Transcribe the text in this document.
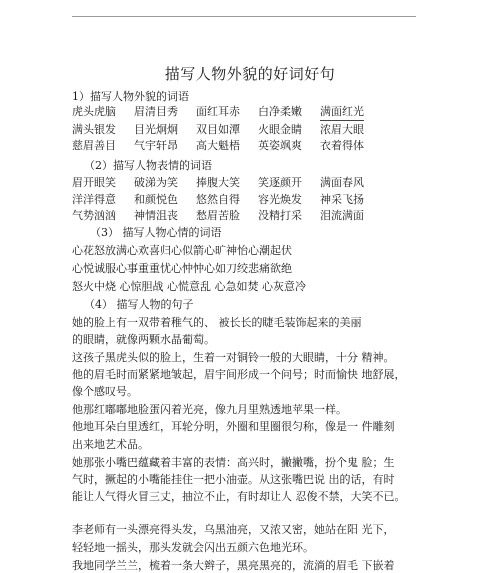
描写人物外貌的好词好句
1）描写人物外貌的词语
虎头虎脑 眉清目秀 面红耳赤 白净柔嫩 满面红光
满头银发 目光炯炯 双目如潭 火眼金睛 浓眉大眼
慈眉善目 气宇轩昂 高大魁梧 英姿飒爽 衣着得体
（2）描写人物表情的词语
眉开眼笑 破涕为笑 捧腹大笑 笑逐颜开 满面春风
洋洋得意 和颜悦色 悠然自得 容光焕发 神采飞扬
气势汹汹 神情沮丧 愁眉苦脸 没精打采 泪流满面
（3） 描写人物心情的词语
心花怒放满心欢喜归心似箭心旷神怡心潮起伏
心悦诚服心事重重忧心忡忡心如刀绞悲痛欲绝
怒火中烧 心惊胆战 心慌意乱 心急如焚 心灰意冷
（4） 描写人物的句子
她的脸上有一双带着稚气的、 被长长的睫毛装饰起来的美丽
的眼睛，就像两颗水晶葡萄。
这孩子黑虎头似的脸上，生着一对铜铃一般的大眼睛，十分 精神。
他的眉毛时而紧紧地皱起，眉宇间形成一个问号；时而愉快 地舒展，
像个感叹号。
他那红嘟嘟地脸蛋闪着光亮，像九月里熟透地苹果一样。
他地耳朵白里透红，耳轮分明，外圈和里圈很匀称，像是一 件雕刻
出来地艺术品。
她那张小嘴巴蕴藏着丰富的表情：高兴时，撇撇嘴，扮个鬼 脸；生
气时，撅起的小嘴能挂住一把小油壶。从这张嘴巴说 出的话，有时
能让人气得火冒三丈，抽泣不止，有时却让人 忍俊不禁，大笑不已。
李老师有一头漂亮得头发，乌黑油亮，又浓又密，她站在阳 光下，
轻轻地一摇头，那头发就会闪出五颜六色地光环。
我地同学兰兰，梳着一条大辫子，黑亮黑亮的，流淌的眉毛 下嵌着
